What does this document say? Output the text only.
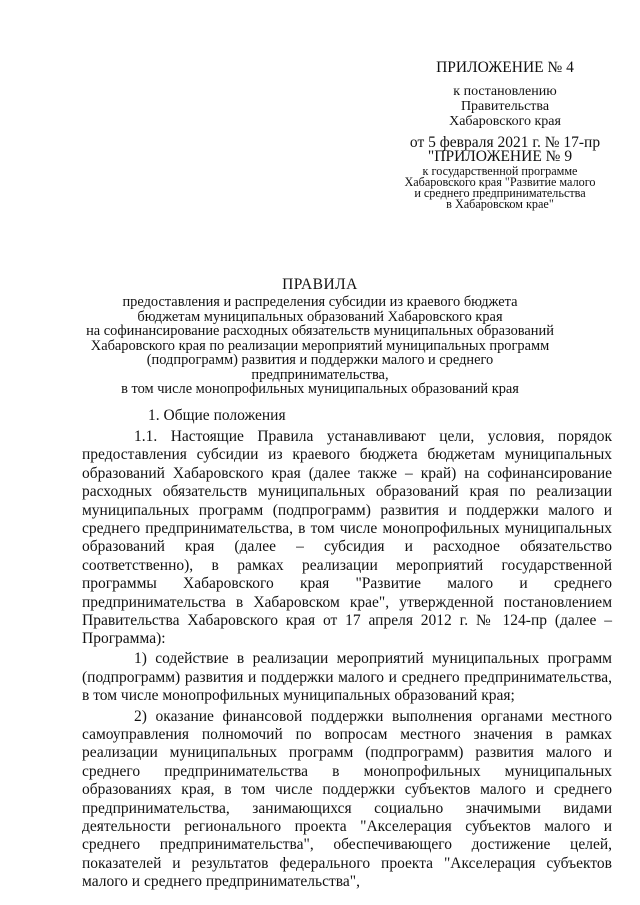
ПРИЛОЖЕНИЕ № 4
к постановлению
Правительства
Хабаровского края
от 5 февраля 2021 г. № 17-пр
"ПРИЛОЖЕНИЕ № 9
к государственной программе
Хабаровского края "Развитие малого
и среднего предпринимательства
в Хабаровском крае"
ПРАВИЛА
предоставления и распределения субсидии из краевого бюджета
бюджетам муниципальных образований Хабаровского края
на софинансирование расходных обязательств муниципальных образований
Хабаровского края по реализации мероприятий муниципальных программ
(подпрограмм) развития и поддержки малого и среднего предпринимательства,
в том числе монопрофильных муниципальных образований края
1. Общие положения

1.1. Настоящие Правила устанавливают цели, условия, порядок предоставления субсидии из краевого бюджета бюджетам муниципальных образований Хабаровского края (далее также – край) на софинансирование расходных обязательств муниципальных образований края по реализации муниципальных программ (подпрограмм) развития и поддержки малого и среднего предпринимательства, в том числе монопрофильных муниципальных образований края (далее – субсидия и расходное обязательство соответственно), в рамках реализации мероприятий государственной программы Хабаровского края "Развитие малого и среднего предпринимательства в Хабаровском крае", утвержденной постановлением Правительства Хабаровского края от 17 апреля 2012 г. № 124-пр (далее – Программа):

1) содействие в реализации мероприятий муниципальных программ (подпрограмм) развития и поддержки малого и среднего предпринимательства, в том числе монопрофильных муниципальных образований края;

2) оказание финансовой поддержки выполнения органами местного самоуправления полномочий по вопросам местного значения в рамках реализации муниципальных программ (подпрограмм) развития малого и среднего предпринимательства в монопрофильных муниципальных образованиях края, в том числе поддержки субъектов малого и среднего предпринимательства, занимающихся социально значимыми видами деятельности регионального проекта "Акселерация субъектов малого и среднего предпринимательства", обеспечивающего достижение целей, показателей и результатов федерального проекта "Акселерация субъектов малого и среднего предпринимательства",
